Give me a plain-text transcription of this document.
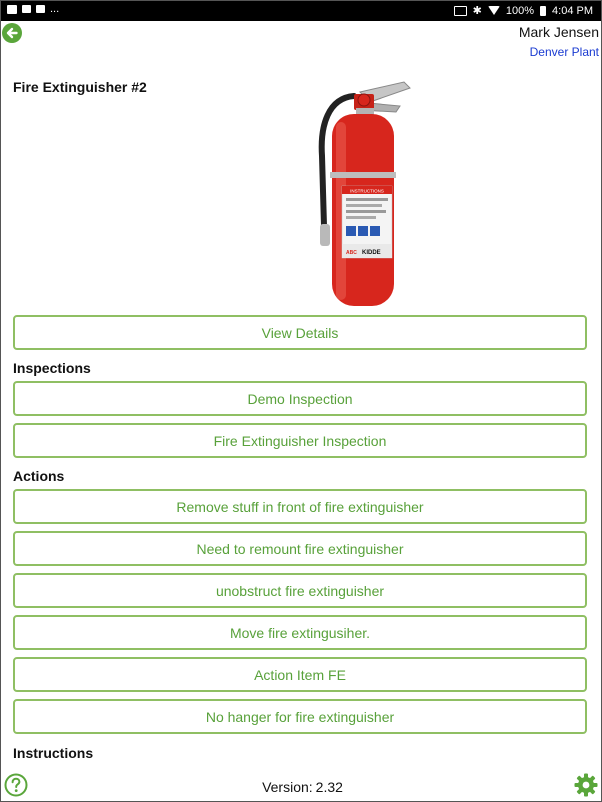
...	✱ 100% 4:04 PM
Mark Jensen
Denver Plant
Fire Extinguisher #2
INSTRUCTIONS
ABC KIDDE
View Details
Inspections
Demo Inspection
Fire Extinguisher Inspection
Actions
Remove stuff in front of fire extinguisher
Need to remount fire extinguisher
unobstruct fire extinguisher
Move fire extingusiher.
Action Item FE
No hanger for fire extinguisher
Instructions
Version: 2.32
